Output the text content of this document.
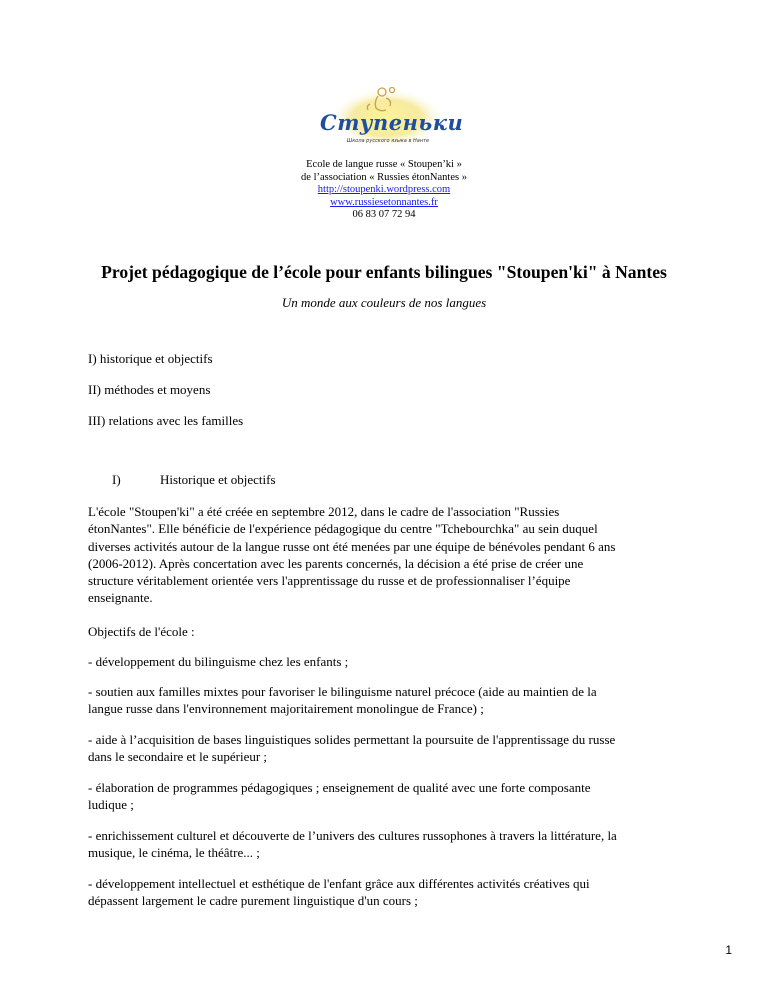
Ступеньки
Школа русского языка в Нанте
Ecole de langue russe « Stoupen’ki »
de l’association « Russies étonNantes »
http://stoupenki.wordpress.com
www.russiesetonnantes.fr
06 83 07 72 94
Projet pédagogique de l’école pour enfants bilingues "Stoupen'ki" à Nantes
Un monde aux couleurs de nos langues
I) historique et objectifs
II) méthodes et moyens
III) relations avec les familles
I)	Historique et objectifs
L'école "Stoupen'ki" a été créée en septembre 2012, dans le cadre de l'association "Russies
étonNantes". Elle bénéficie de l'expérience pédagogique du centre "Tchebourchka" au sein duquel
diverses activités autour de la langue russe ont été menées par une équipe de bénévoles pendant 6 ans
(2006-2012). Après concertation avec les parents concernés, la décision a été prise de créer une
structure véritablement orientée vers l'apprentissage du russe et de professionnaliser l’équipe
enseignante.
Objectifs de l'école :
- développement du bilinguisme chez les enfants ;
- soutien aux familles mixtes pour favoriser le bilinguisme naturel précoce (aide au maintien de la
langue russe dans l'environnement majoritairement monolingue de France) ;
- aide à l’acquisition de bases linguistiques solides permettant la poursuite de l'apprentissage du russe
dans le secondaire et le supérieur ;
- élaboration de programmes pédagogiques ; enseignement de qualité avec une forte composante
ludique ;
- enrichissement culturel et découverte de l’univers des cultures russophones à travers la littérature, la
musique, le cinéma, le théâtre... ;
- développement intellectuel et esthétique de l'enfant grâce aux différentes activités créatives qui
dépassent largement le cadre purement linguistique d'un cours ;
1
